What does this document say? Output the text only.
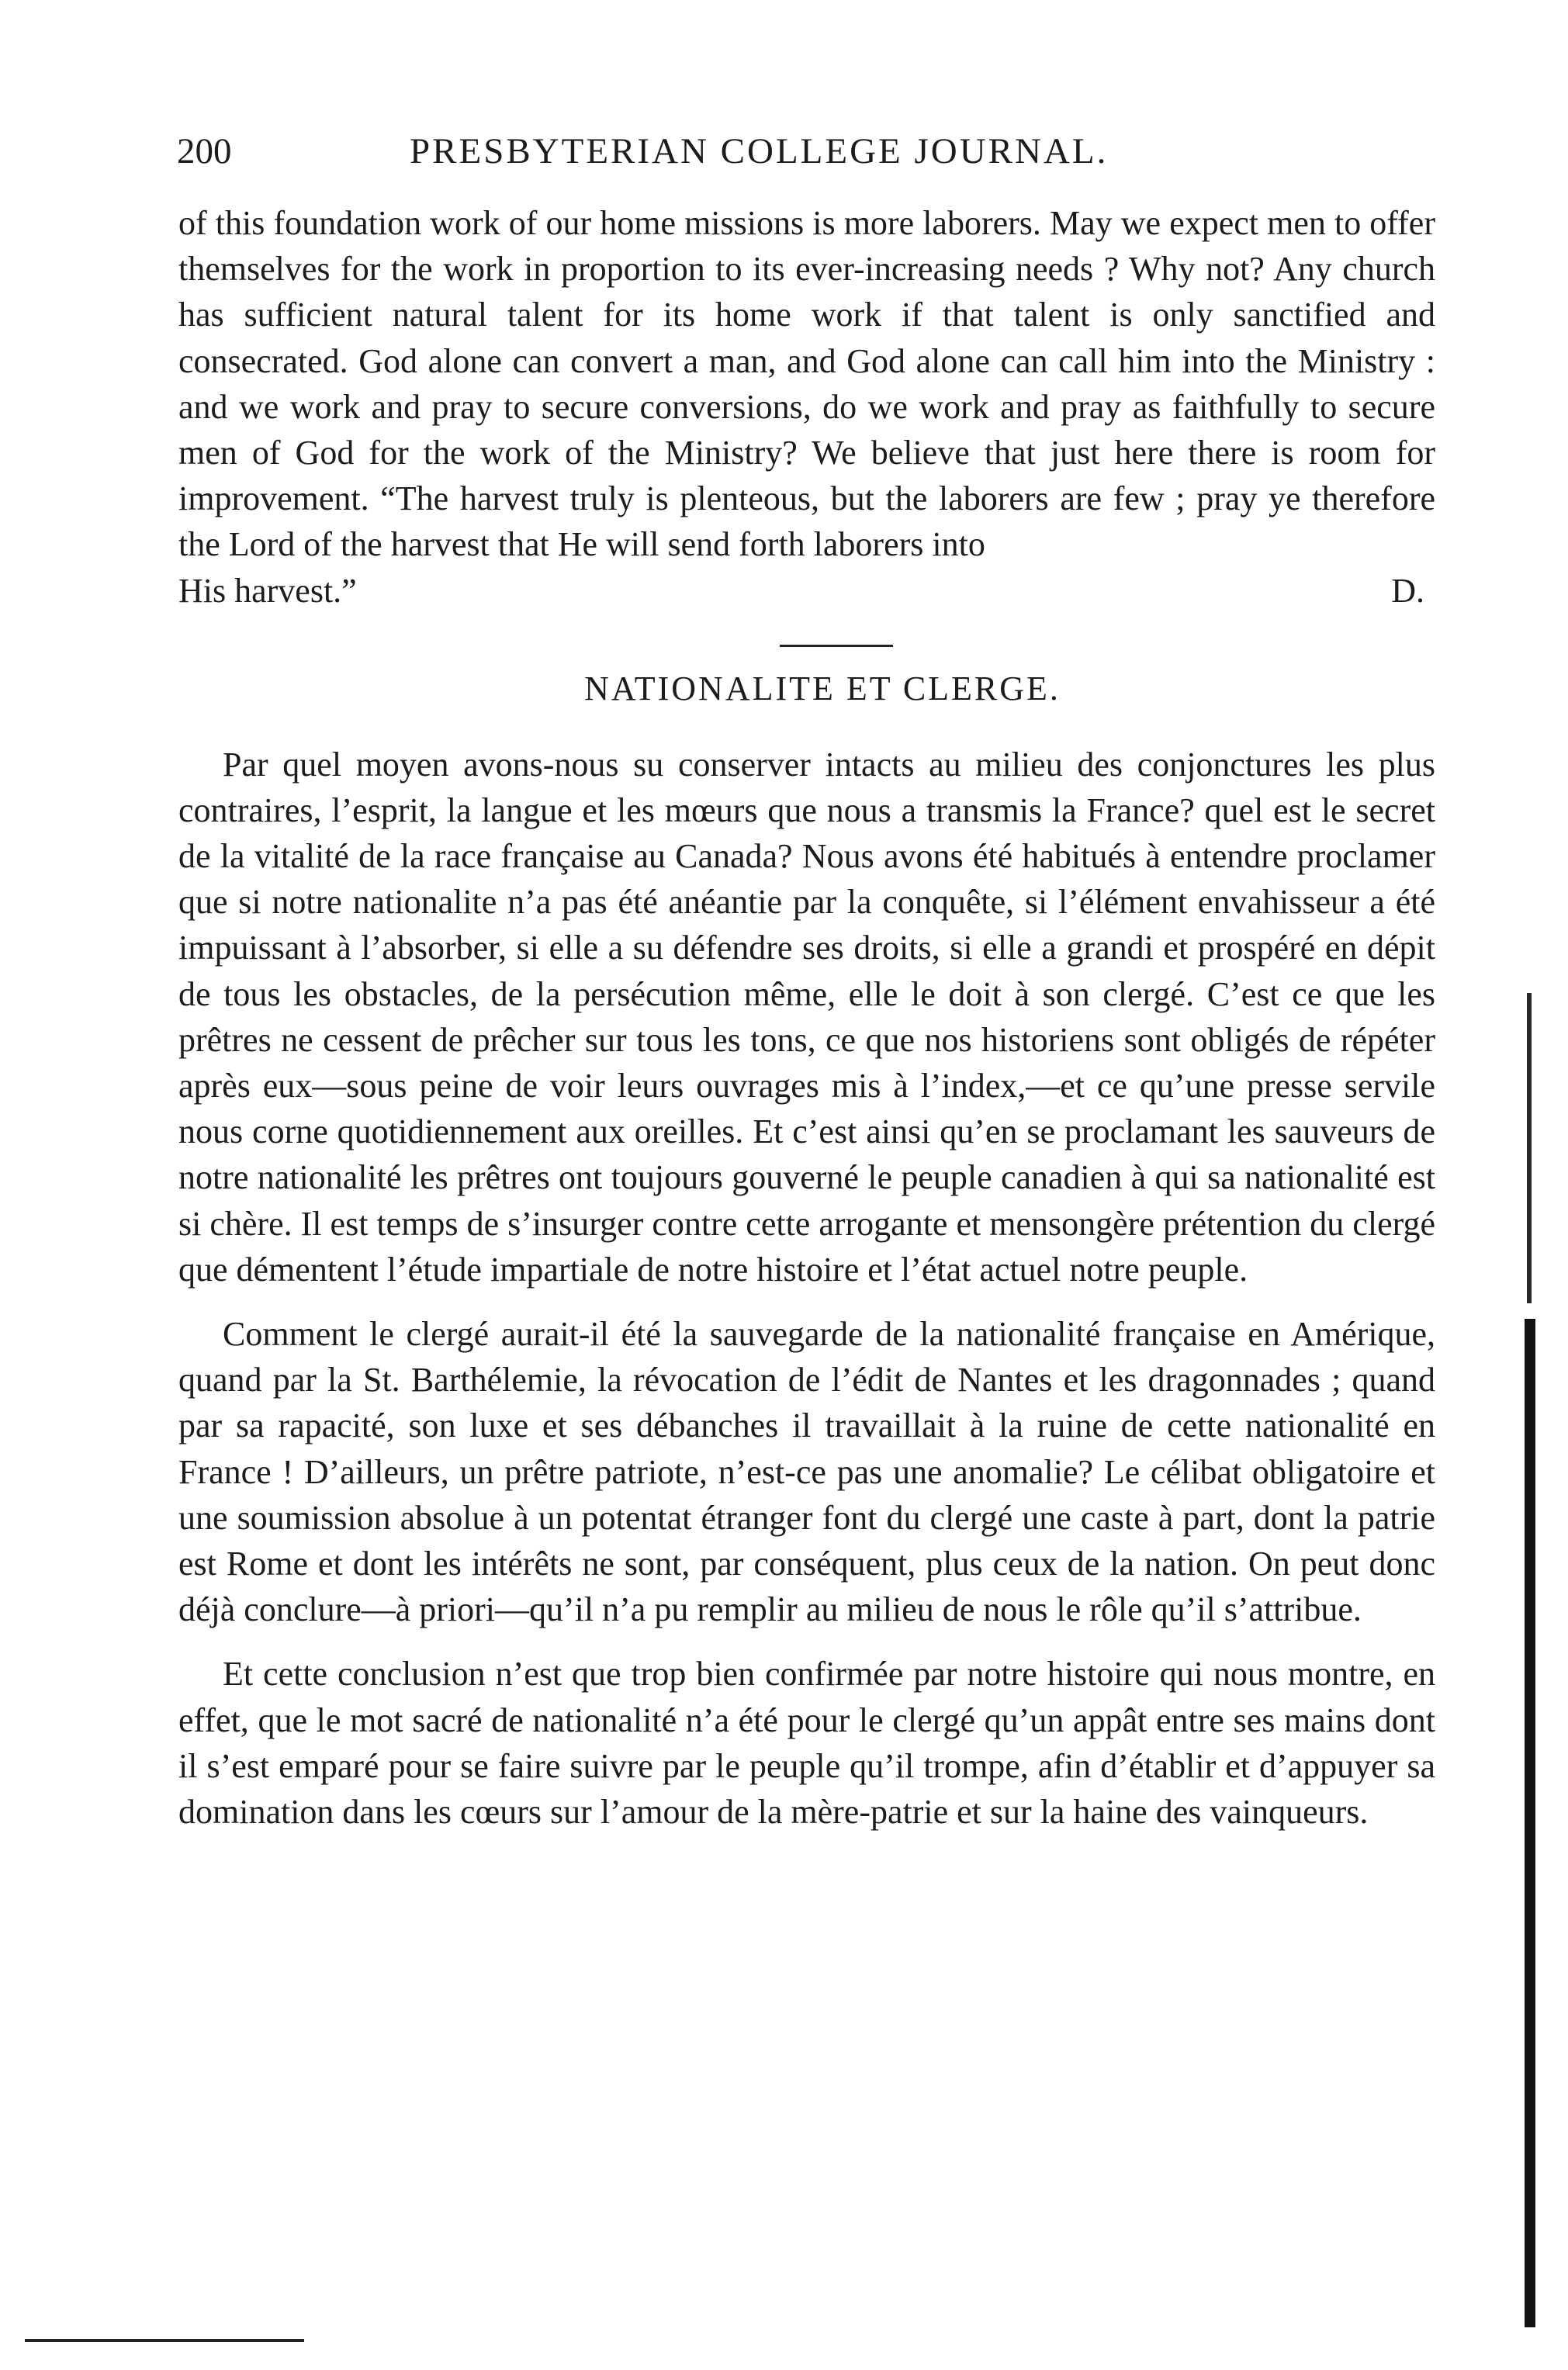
200	PRESBYTERIAN COLLEGE JOURNAL.

of this foundation work of our home missions is more laborers. May we expect men to offer themselves for the work in proportion to its ever-increasing needs ? Why not? Any church has sufficient natural talent for its home work if that talent is only sanctified and consecrated. God alone can convert a man, and God alone can call him into the Ministry : and we work and pray to secure conversions, do we work and pray as faithfully to secure men of God for the work of the Ministry? We believe that just here there is room for improvement. “The harvest truly is plenteous, but the laborers are few ; pray ye therefore the Lord of the harvest that He will send forth laborers into

His harvest.”	D.
NATIONALITE ET CLERGE.

Par quel moyen avons-nous su conserver intacts au milieu des conjonctures les plus contraires, l’esprit, la langue et les mœurs que nous a transmis la France? quel est le secret de la vitalité de la race française au Canada? Nous avons été habitués à entendre proclamer que si notre nationalite n’a pas été anéantie par la conquête, si l’élément envahisseur a été impuissant à l’absorber, si elle a su défendre ses droits, si elle a grandi et prospéré en dépit de tous les obstacles, de la persécution même, elle le doit à son clergé. C’est ce que les prêtres ne cessent de prêcher sur tous les tons, ce que nos historiens sont obligés de répéter après eux—sous peine de voir leurs ouvrages mis à l’index,—et ce qu’une presse servile nous corne quotidiennement aux oreilles. Et c’est ainsi qu’en se proclamant les sauveurs de notre nationalité les prêtres ont toujours gouverné le peuple canadien à qui sa nationalité est si chère. Il est temps de s’insurger contre cette arrogante et mensongère prétention du clergé que démentent l’étude impartiale de notre histoire et l’état actuel notre peuple.

Comment le clergé aurait-il été la sauvegarde de la nationalité française en Amérique, quand par la St. Barthélemie, la révocation de l’édit de Nantes et les dragonnades ; quand par sa rapacité, son luxe et ses débanches il travaillait à la ruine de cette nationalité en France ! D’ailleurs, un prêtre patriote, n’est-ce pas une anomalie? Le célibat obligatoire et une soumission absolue à un potentat étranger font du clergé une caste à part, dont la patrie est Rome et dont les intérêts ne sont, par conséquent, plus ceux de la nation. On peut donc déjà conclure—à priori—qu’il n’a pu remplir au milieu de nous le rôle qu’il s’attribue.

Et cette conclusion n’est que trop bien confirmée par notre histoire qui nous montre, en effet, que le mot sacré de nationalité n’a été pour le clergé qu’un appât entre ses mains dont il s’est emparé pour se faire suivre par le peuple qu’il trompe, afin d’établir et d’appuyer sa domination dans les cœurs sur l’amour de la mère-patrie et sur la haine des vainqueurs.
